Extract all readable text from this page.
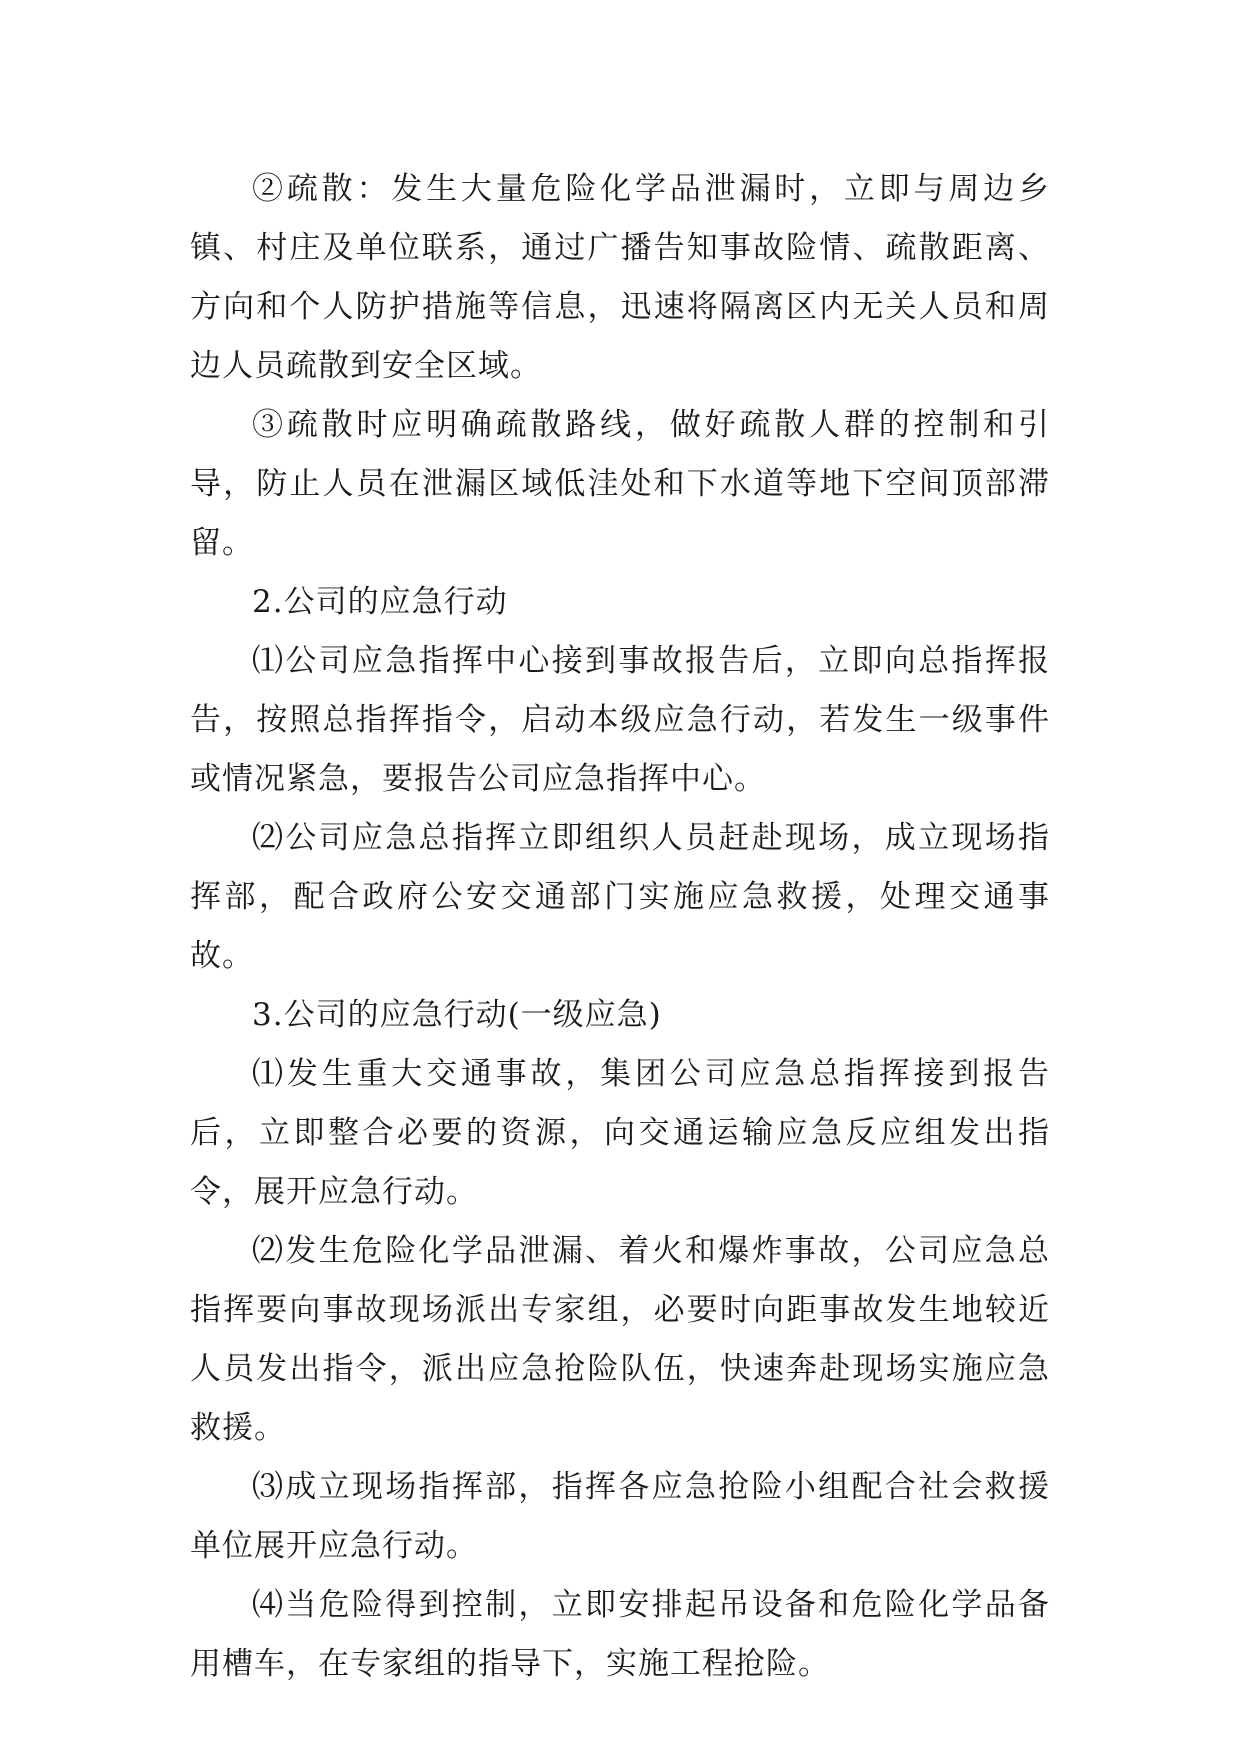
②疏散：发生大量危险化学品泄漏时，立即与周边乡镇、村庄及单位联系，通过广播告知事故险情、疏散距离、方向和个人防护措施等信息，迅速将隔离区内无关人员和周边人员疏散到安全区域。

③疏散时应明确疏散路线，做好疏散人群的控制和引导，防止人员在泄漏区域低洼处和下水道等地下空间顶部滞留。

2.公司的应急行动

⑴公司应急指挥中心接到事故报告后，立即向总指挥报告，按照总指挥指令，启动本级应急行动，若发生一级事件或情况紧急，要报告公司应急指挥中心。

⑵公司应急总指挥立即组织人员赶赴现场，成立现场指挥部，配合政府公安交通部门实施应急救援，处理交通事故。

3.公司的应急行动(一级应急)

⑴发生重大交通事故，集团公司应急总指挥接到报告后，立即整合必要的资源，向交通运输应急反应组发出指令，展开应急行动。

⑵发生危险化学品泄漏、着火和爆炸事故，公司应急总指挥要向事故现场派出专家组，必要时向距事故发生地较近人员发出指令，派出应急抢险队伍，快速奔赴现场实施应急救援。

⑶成立现场指挥部，指挥各应急抢险小组配合社会救援单位展开应急行动。

⑷当危险得到控制，立即安排起吊设备和危险化学品备用槽车，在专家组的指导下，实施工程抢险。
